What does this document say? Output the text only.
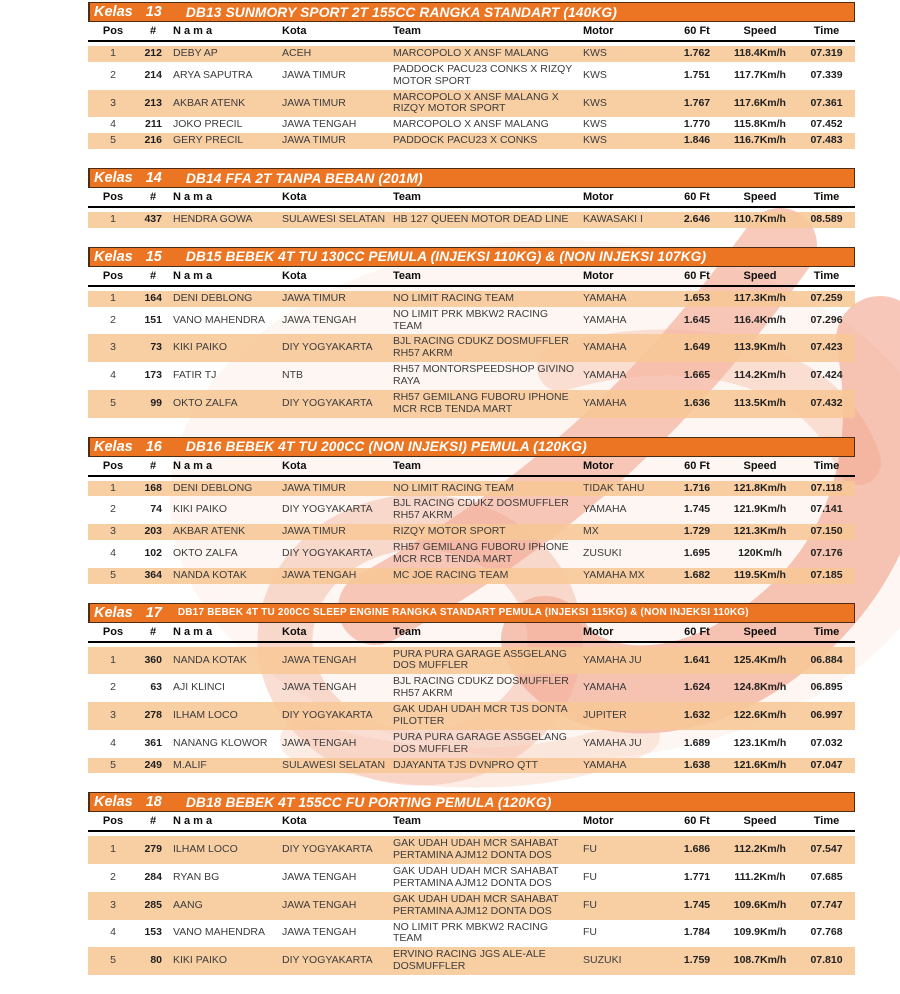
Kelas 13 DB13 SUNMORY SPORT 2T 155CC RANGKA STANDART (140KG)
Pos	#	N a m a	Kota	Team	Motor	60 Ft	Speed	Time

1	212	DEBY AP	ACEH	MARCOPOLO X ANSF MALANG	KWS	1.762	118.4Km/h	07.319
2	214	ARYA SAPUTRA	JAWA TIMUR	PADDOCK PACU23 CONKS X RIZQY MOTOR SPORT	KWS	1.751	117.7Km/h	07.339
3	213	AKBAR ATENK	JAWA TIMUR	MARCOPOLO X ANSF MALANG X RIZQY MOTOR SPORT	KWS	1.767	117.6Km/h	07.361
4	211	JOKO PRECIL	JAWA TENGAH	MARCOPOLO X ANSF MALANG	KWS	1.770	115.8Km/h	07.452
5	216	GERY PRECIL	JAWA TIMUR	PADDOCK PACU23 X CONKS	KWS	1.846	116.7Km/h	07.483
Kelas 14 DB14 FFA 2T TANPA BEBAN (201M)
Pos	#	N a m a	Kota	Team	Motor	60 Ft	Speed	Time

1	437	HENDRA GOWA	SULAWESI SELATAN	HB 127 QUEEN MOTOR DEAD LINE	KAWASAKI I	2.646	110.7Km/h	08.589
Kelas 15 DB15 BEBEK 4T TU 130CC PEMULA (INJEKSI 110KG) & (NON INJEKSI 107KG)
Pos	#	N a m a	Kota	Team	Motor	60 Ft	Speed	Time

1	164	DENI DEBLONG	JAWA TIMUR	NO LIMIT RACING TEAM	YAMAHA	1.653	117.3Km/h	07.259
2	151	VANO MAHENDRA	JAWA TENGAH	NO LIMIT PRK MBKW2 RACING TEAM	YAMAHA	1.645	116.4Km/h	07.296
3	73	KIKI PAIKO	DIY YOGYAKARTA	BJL RACING CDUKZ DOSMUFFLER RH57 AKRM	YAMAHA	1.649	113.9Km/h	07.423
4	173	FATIR TJ	NTB	RH57 MONTORSPEEDSHOP GIVINO RAYA	YAMAHA	1.665	114.2Km/h	07.424
5	99	OKTO ZALFA	DIY YOGYAKARTA	RH57 GEMILANG FUBORU IPHONE MCR RCB TENDA MART	YAMAHA	1.636	113.5Km/h	07.432
Kelas 16 DB16 BEBEK 4T TU 200CC (NON INJEKSI) PEMULA (120KG)
Pos	#	N a m a	Kota	Team	Motor	60 Ft	Speed	Time

1	168	DENI DEBLONG	JAWA TIMUR	NO LIMIT RACING TEAM	TIDAK TAHU	1.716	121.8Km/h	07.118
2	74	KIKI PAIKO	DIY YOGYAKARTA	BJL RACING CDUKZ DOSMUFFLER RH57 AKRM	YAMAHA	1.745	121.9Km/h	07.141
3	203	AKBAR ATENK	JAWA TIMUR	RIZQY MOTOR SPORT	MX	1.729	121.3Km/h	07.150
4	102	OKTO ZALFA	DIY YOGYAKARTA	RH57 GEMILANG FUBORU IPHONE MCR RCB TENDA MART	ZUSUKI	1.695	120Km/h	07.176
5	364	NANDA KOTAK	JAWA TENGAH	MC JOE RACING TEAM	YAMAHA MX	1.682	119.5Km/h	07.185
Kelas 17 DB17 BEBEK 4T TU 200CC SLEEP ENGINE RANGKA STANDART PEMULA (INJEKSI 115KG) & (NON INJEKSI 110KG)
Pos	#	N a m a	Kota	Team	Motor	60 Ft	Speed	Time

1	360	NANDA KOTAK	JAWA TENGAH	PURA PURA GARAGE AS5GELANG DOS MUFFLER	YAMAHA JU	1.641	125.4Km/h	06.884
2	63	AJI KLINCI	JAWA TENGAH	BJL RACING CDUKZ DOSMUFFLER RH57 AKRM	YAMAHA	1.624	124.8Km/h	06.895
3	278	ILHAM LOCO	DIY YOGYAKARTA	GAK UDAH UDAH MCR TJS DONTA PILOTTER	JUPITER	1.632	122.6Km/h	06.997
4	361	NANANG KLOWOR	JAWA TENGAH	PURA PURA GARAGE AS5GELANG DOS MUFFLER	YAMAHA JU	1.689	123.1Km/h	07.032
5	249	M.ALIF	SULAWESI SELATAN	DJAYANTA TJS DVNPRO QTT	YAMAHA	1.638	121.6Km/h	07.047
Kelas 18 DB18 BEBEK 4T 155CC FU PORTING PEMULA (120KG)
Pos	#	N a m a	Kota	Team	Motor	60 Ft	Speed	Time

1	279	ILHAM LOCO	DIY YOGYAKARTA	GAK UDAH UDAH MCR SAHABAT PERTAMINA AJM12 DONTA DOS	FU	1.686	112.2Km/h	07.547
2	284	RYAN BG	JAWA TENGAH	GAK UDAH UDAH MCR SAHABAT PERTAMINA AJM12 DONTA DOS	FU	1.771	111.2Km/h	07.685
3	285	AANG	JAWA TENGAH	GAK UDAH UDAH MCR SAHABAT PERTAMINA AJM12 DONTA DOS	FU	1.745	109.6Km/h	07.747
4	153	VANO MAHENDRA	JAWA TENGAH	NO LIMIT PRK MBKW2 RACING TEAM	FU	1.784	109.9Km/h	07.768
5	80	KIKI PAIKO	DIY YOGYAKARTA	ERVINO RACING JGS ALE-ALE DOSMUFFLER	SUZUKI	1.759	108.7Km/h	07.810
